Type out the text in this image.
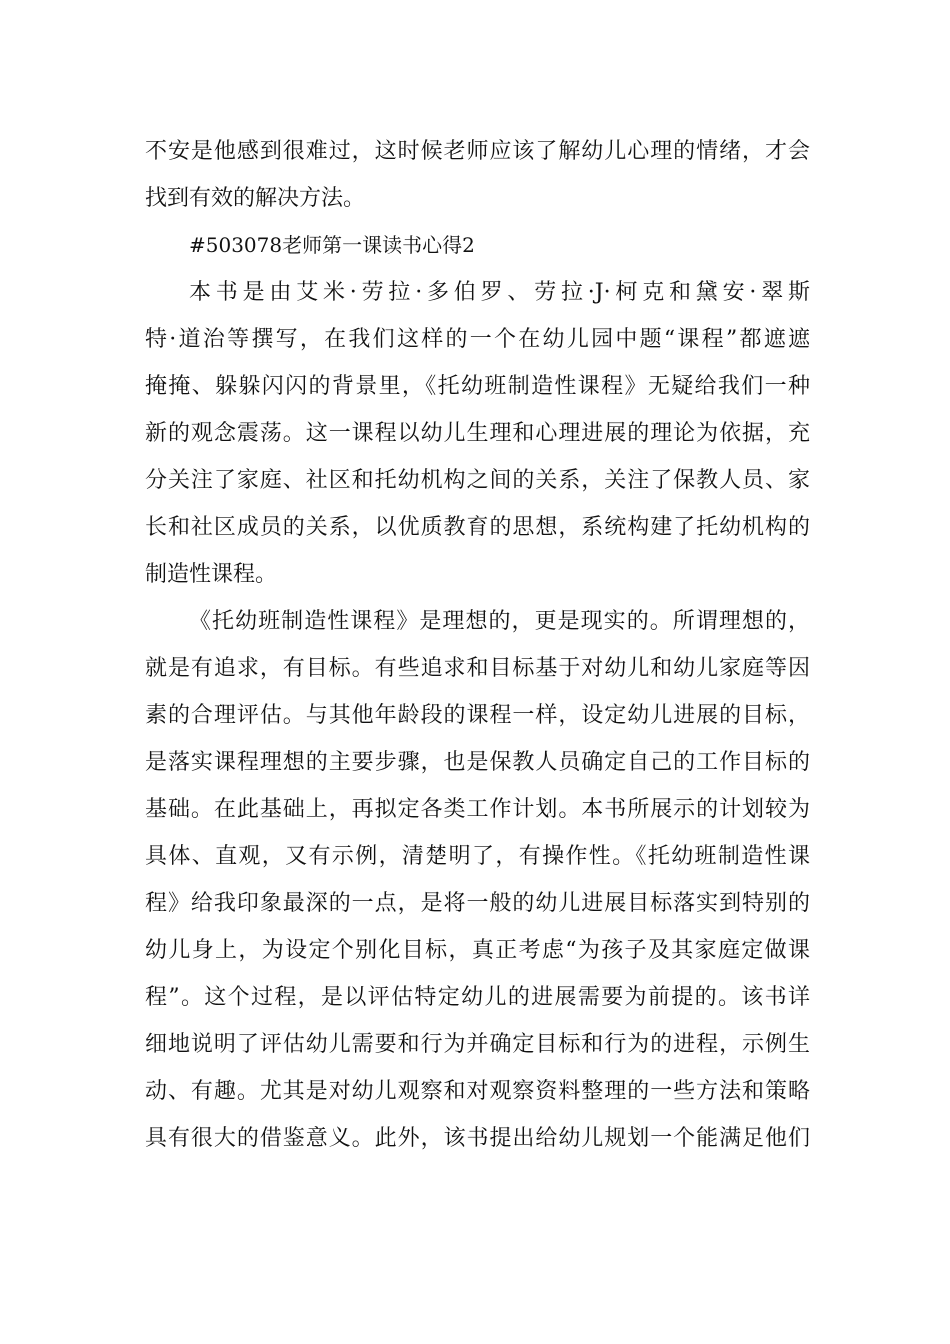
不安是他感到很难过，这时候老师应该了解幼儿心理的情绪，才会
找到有效的解决方法。
#503078老师第一课读书心得2
本书是由艾米·劳拉·多伯罗、劳拉·J·柯克和黛安·翠斯
特·道治等撰写，在我们这样的一个在幼儿园中题“课程”都遮遮
掩掩、躲躲闪闪的背景里，《托幼班制造性课程》无疑给我们一种
新的观念震荡。这一课程以幼儿生理和心理进展的理论为依据，充
分关注了家庭、社区和托幼机构之间的关系，关注了保教人员、家
长和社区成员的关系，以优质教育的思想，系统构建了托幼机构的
制造性课程。
《托幼班制造性课程》是理想的，更是现实的。所谓理想的，
就是有追求，有目标。有些追求和目标基于对幼儿和幼儿家庭等因
素的合理评估。与其他年龄段的课程一样，设定幼儿进展的目标，
是落实课程理想的主要步骤，也是保教人员确定自己的工作目标的
基础。在此基础上，再拟定各类工作计划。本书所展示的计划较为
具体、直观，又有示例，清楚明了，有操作性。《托幼班制造性课
程》给我印象最深的一点，是将一般的幼儿进展目标落实到特别的
幼儿身上，为设定个别化目标，真正考虑“为孩子及其家庭定做课
程”。这个过程，是以评估特定幼儿的进展需要为前提的。该书详
细地说明了评估幼儿需要和行为并确定目标和行为的进程，示例生
动、有趣。尤其是对幼儿观察和对观察资料整理的一些方法和策略
具有很大的借鉴意义。此外，该书提出给幼儿规划一个能满足他们
